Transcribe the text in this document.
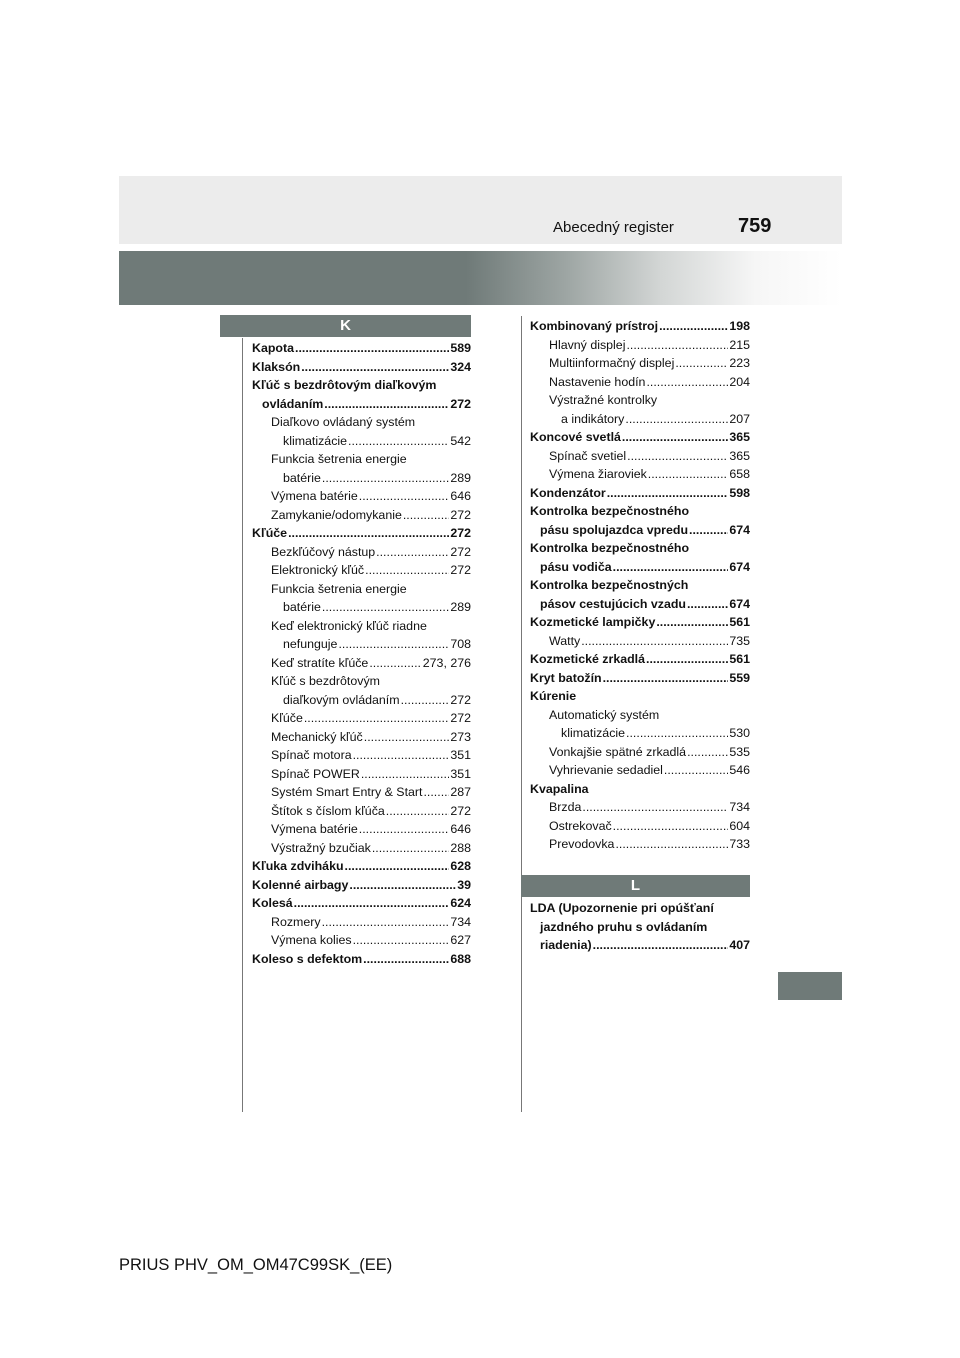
Abecedný register	759
K
Kapota .....	589
Klaksón .....	324
Kľúč s bezdrôtovým diaľkovým
ovládaním .....	272
Diaľkovo ovládaný systém
klimatizácie .....	542
Funkcia šetrenia energie
batérie .....	289
Výmena batérie .....	646
Zamykanie/odomykanie .....	272
Kľúče .....	272
Bezkľúčový nástup .....	272
Elektronický kľúč .....	272
Funkcia šetrenia energie
batérie .....	289
Keď elektronický kľúč riadne
nefunguje .....	708
Keď stratíte kľúče .....	273, 276
Kľúč s bezdrôtovým
diaľkovým ovládaním .....	272
Kľúče .....	272
Mechanický kľúč .....	273
Spínač motora .....	351
Spínač POWER .....	351
Systém Smart Entry & Start ..... 287
Štítok s číslom kľúča .....	272
Výmena batérie .....	646
Výstražný bzučiak .....	288
Kľuka zdviháku .....	628
Kolenné airbagy .....	39
Kolesá .....	624
Rozmery .....	734
Výmena kolies .....	627
Koleso s defektom .....	688
Kombinovaný prístroj .....	198
Hlavný displej .....	215
Multiinformačný displej .....	223
Nastavenie hodín .....	204
Výstražné kontrolky
a indikátory .....	207
Koncové svetlá .....	365
Spínač svetiel .....	365
Výmena žiaroviek .....	658
Kondenzátor .....	598
Kontrolka bezpečnostného
pásu spolujazdca vpredu .....	674
Kontrolka bezpečnostného
pásu vodiča .....	674
Kontrolka bezpečnostných
pásov cestujúcich vzadu .....	674
Kozmetické lampičky .....	561
Watty .....	735
Kozmetické zrkadlá .....	561
Kryt batožín .....	559
Kúrenie
Automatický systém
klimatizácie .....	530
Vonkajšie spätné zrkadlá .....	535
Vyhrievanie sedadiel .....	546
Kvapalina
Brzda .....	734
Ostrekovač .....	604
Prevodovka .....	733
L
LDA (Upozornenie pri opúšťaní
jazdného pruhu s ovládaním
riadenia) .....	407
PRIUS PHV_OM_OM47C99SK_(EE)
